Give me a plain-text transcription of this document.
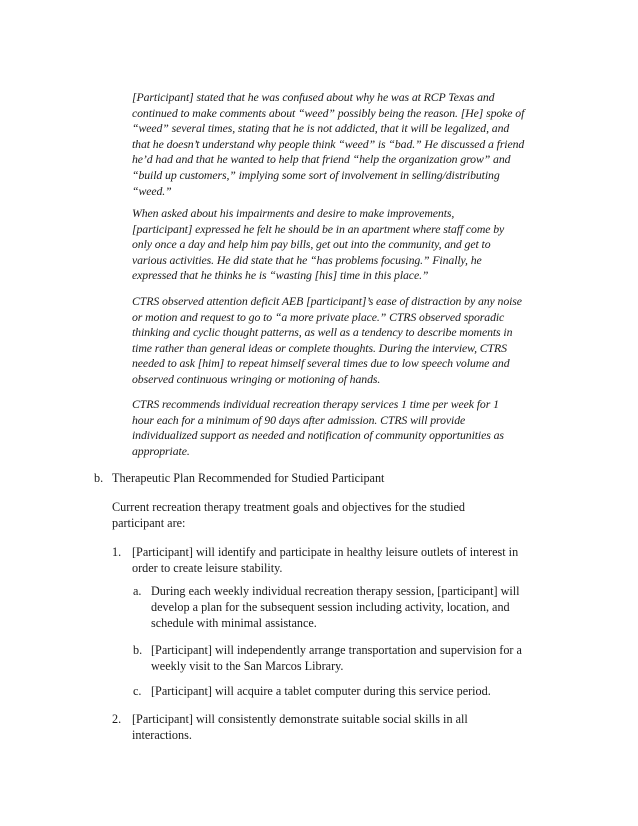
[Participant] stated that he was confused about why he was at RCP Texas and
continued to make comments about “weed” possibly being the reason. [He] spoke of
“weed” several times, stating that he is not addicted, that it will be legalized, and
that he doesn’t understand why people think “weed” is “bad.” He discussed a friend
he’d had and that he wanted to help that friend “help the organization grow” and
“build up customers,” implying some sort of involvement in selling/distributing
“weed.”
When asked about his impairments and desire to make improvements,
[participant] expressed he felt he should be in an apartment where staff come by
only once a day and help him pay bills, get out into the community, and get to
various activities. He did state that he “has problems focusing.” Finally, he
expressed that he thinks he is “wasting [his] time in this place.”
CTRS observed attention deficit AEB [participant]’s ease of distraction by any noise
or motion and request to go to “a more private place.” CTRS observed sporadic
thinking and cyclic thought patterns, as well as a tendency to describe moments in
time rather than general ideas or complete thoughts. During the interview, CTRS
needed to ask [him] to repeat himself several times due to low speech volume and
observed continuous wringing or motioning of hands.
CTRS recommends individual recreation therapy services 1 time per week for 1
hour each for a minimum of 90 days after admission. CTRS will provide
individualized support as needed and notification of community opportunities as
appropriate.
b. Therapeutic Plan Recommended for Studied Participant
Current recreation therapy treatment goals and objectives for the studied
participant are:
1. [Participant] will identify and participate in healthy leisure outlets of interest in
order to create leisure stability.
a. During each weekly individual recreation therapy session, [participant] will
develop a plan for the subsequent session including activity, location, and
schedule with minimal assistance.
b. [Participant] will independently arrange transportation and supervision for a
weekly visit to the San Marcos Library.
c. [Participant] will acquire a tablet computer during this service period.
2. [Participant] will consistently demonstrate suitable social skills in all
interactions.
